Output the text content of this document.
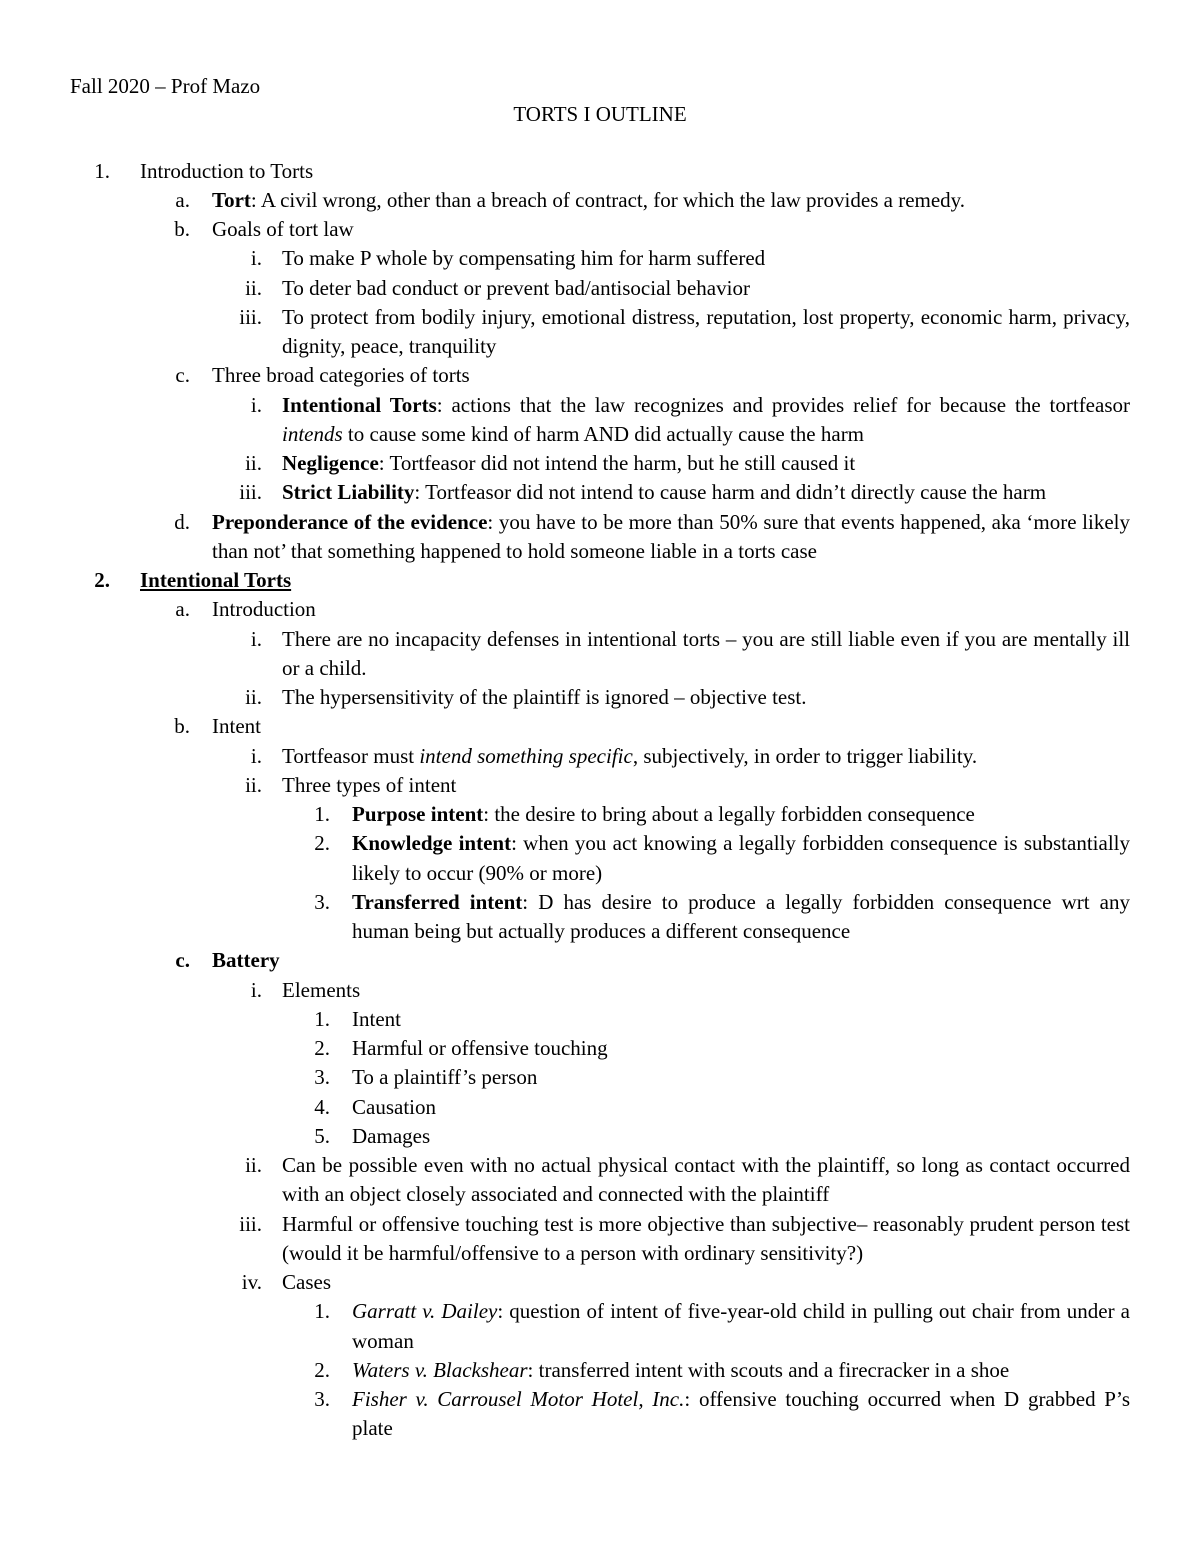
Fall 2020 – Prof Mazo
TORTS I OUTLINE
1. Introduction to Torts
a. Tort: A civil wrong, other than a breach of contract, for which the law provides a remedy.
b. Goals of tort law
i. To make P whole by compensating him for harm suffered
ii. To deter bad conduct or prevent bad/antisocial behavior
iii. To protect from bodily injury, emotional distress, reputation, lost property, economic harm, privacy, dignity, peace, tranquility
c. Three broad categories of torts
i. Intentional Torts: actions that the law recognizes and provides relief for because the tortfeasor intends to cause some kind of harm AND did actually cause the harm
ii. Negligence: Tortfeasor did not intend the harm, but he still caused it
iii. Strict Liability: Tortfeasor did not intend to cause harm and didn’t directly cause the harm
d. Preponderance of the evidence: you have to be more than 50% sure that events happened, aka ‘more likely than not’ that something happened to hold someone liable in a torts case
2. Intentional Torts
a. Introduction
i. There are no incapacity defenses in intentional torts – you are still liable even if you are mentally ill or a child.
ii. The hypersensitivity of the plaintiff is ignored – objective test.
b. Intent
i. Tortfeasor must intend something specific, subjectively, in order to trigger liability.
ii. Three types of intent
1. Purpose intent: the desire to bring about a legally forbidden consequence
2. Knowledge intent: when you act knowing a legally forbidden consequence is substantially likely to occur (90% or more)
3. Transferred intent: D has desire to produce a legally forbidden consequence wrt any human being but actually produces a different consequence
c. Battery
i. Elements
1. Intent
2. Harmful or offensive touching
3. To a plaintiff’s person
4. Causation
5. Damages
ii. Can be possible even with no actual physical contact with the plaintiff, so long as contact occurred with an object closely associated and connected with the plaintiff
iii. Harmful or offensive touching test is more objective than subjective– reasonably prudent person test (would it be harmful/offensive to a person with ordinary sensitivity?)
iv. Cases
1. Garratt v. Dailey: question of intent of five-year-old child in pulling out chair from under a woman
2. Waters v. Blackshear: transferred intent with scouts and a firecracker in a shoe
3. Fisher v. Carrousel Motor Hotel, Inc.: offensive touching occurred when D grabbed P’s plate
